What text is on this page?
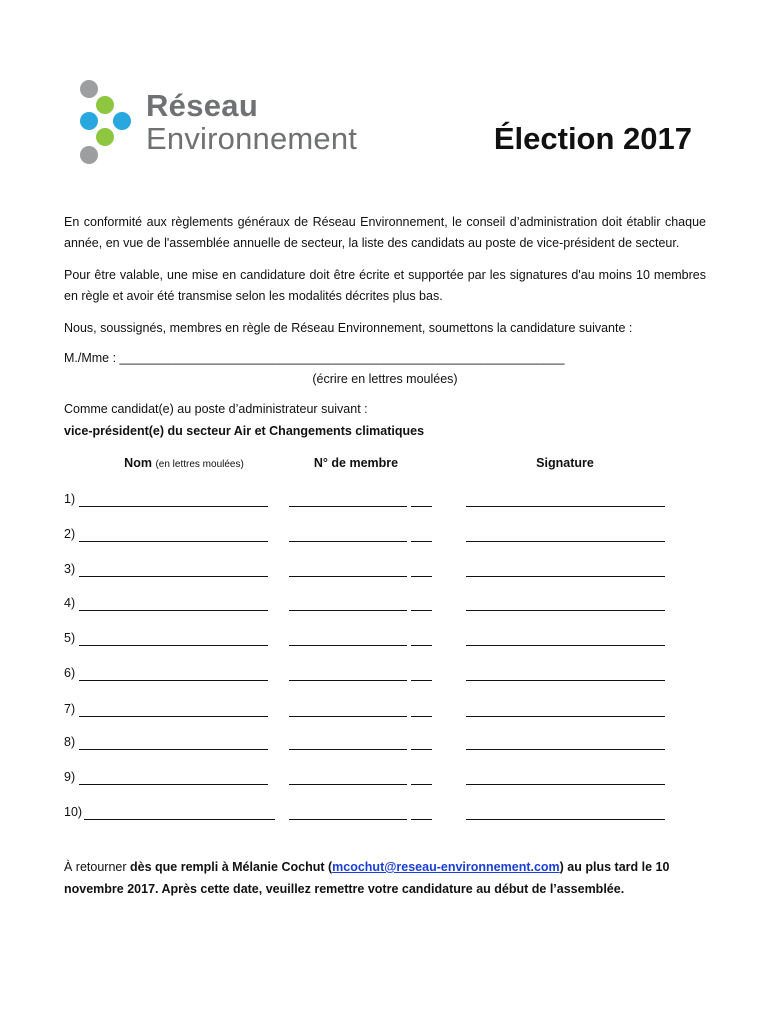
Réseau
Environnement	Élection 2017
En conformité aux règlements généraux de Réseau Environnement, le conseil d’administration doit établir chaque année, en vue de l'assemblée annuelle de secteur, la liste des candidats au poste de vice-président de secteur.
Pour être valable, une mise en candidature doit être écrite et supportée par les signatures d'au moins 10 membres en règle et avoir été transmise selon les modalités décrites plus bas.
Nous, soussignés, membres en règle de Réseau Environnement, soumettons la candidature suivante :
M./Mme : ________________________________________________________________
(écrire en lettres moulées)
Comme candidat(e) au poste d’administrateur suivant :
vice-président(e) du secteur Air et Changements climatiques
Nom (en lettres moulées)	N° de membre	Signature
1)
2)
3)
4)
5)
6)
7)
8)
9)
10)
À retourner dès que rempli à Mélanie Cochut (mcochut@reseau-environnement.com) au plus tard le 10 novembre 2017. Après cette date, veuillez remettre votre candidature au début de l’assemblée.
